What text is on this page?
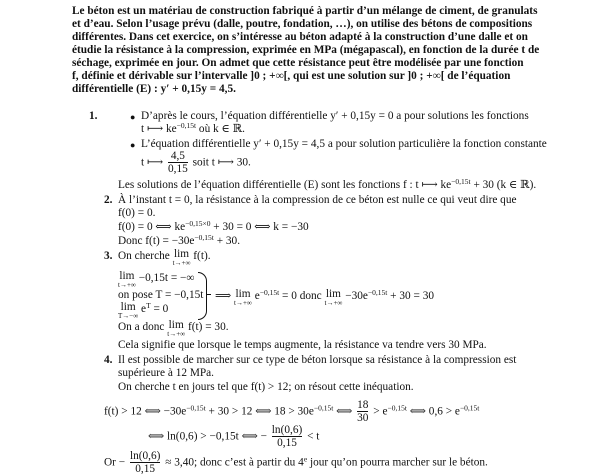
Le béton est un matériau de construction fabriqué à partir d’un mélange de ciment, de granulats
et d’eau. Selon l’usage prévu (dalle, poutre, fondation, …), on utilise des bétons de compositions
différentes. Dans cet exercice, on s’intéresse au béton adapté à la construction d’une dalle et on
étudie la résistance à la compression, exprimée en MPa (mégapascal), en fonction de la durée t de
séchage, exprimée en jour. On admet que cette résistance peut être modélisée par une fonction
f, définie et dérivable sur l’intervalle ]0 ; +∞[, qui est une solution sur ]0 ; +∞[ de l’équation
différentielle (E) : y′ + 0,15y = 4,5.
1.	● D’après le cours, l’équation différentielle y′ + 0,15y = 0 a pour solutions les fonctions
t ⟼ $ke^{-0,15t}$ où k ∈ ℝ.
● L’équation différentielle y′ + 0,15y = 4,5 a pour solution particulière la fonction constante
t ⟼ $\frac{4,5}{0,15}$ soit t ⟼ 30.
Les solutions de l’équation différentielle (E) sont les fonctions f : t ⟼ $ke^{-0,15t} + 30$ (k ∈ ℝ).
2. À l’instant t = 0, la résistance à la compression de ce béton est nulle ce qui veut dire que
f(0) = 0.
f(0) = 0 ⟺ $ke^{-0,15\times 0} + 30 = 0$ ⟺ k = −30
Donc $f(t) = -30e^{-0,15t} + 30$.
3. On cherche lim
t→+∞
f(t).
lim
t→+∞
−0,15t = −∞
on pose T = −0,15t
lim
T→−∞
$e^T = 0$
⟹ lim
t→+∞
$e^{-0,15t} = 0$ donc lim
t→+∞
$-30e^{-0,15t} + 30 = 30$
On a donc lim
t→+∞
f(t) = 30.
Cela signifie que lorsque le temps augmente, la résistance va tendre vers 30 MPa.
4. Il est possible de marcher sur ce type de béton lorsque sa résistance à la compression est
supérieure à 12 MPa.
On cherche t en jours tel que f(t) > 12; on résout cette inéquation.
f(t) > 12 ⟺ $-30e^{-0,15t} + 30 > 12$ ⟺ $18 > 30e^{-0,15t}$ ⟺ $\frac{18}{30} > e^{-0,15t}$ ⟺ $0,6 > e^{-0,15t}$
⟺ ln(0,6) > −0,15t ⟺ − $\frac{\ln(0,6)}{0,15} < t$
$Or - \frac{\ln(0,6)}{0,15} \approx 3,40$; donc c’est à partir du 4e jour qu’on pourra marcher sur le béton.
